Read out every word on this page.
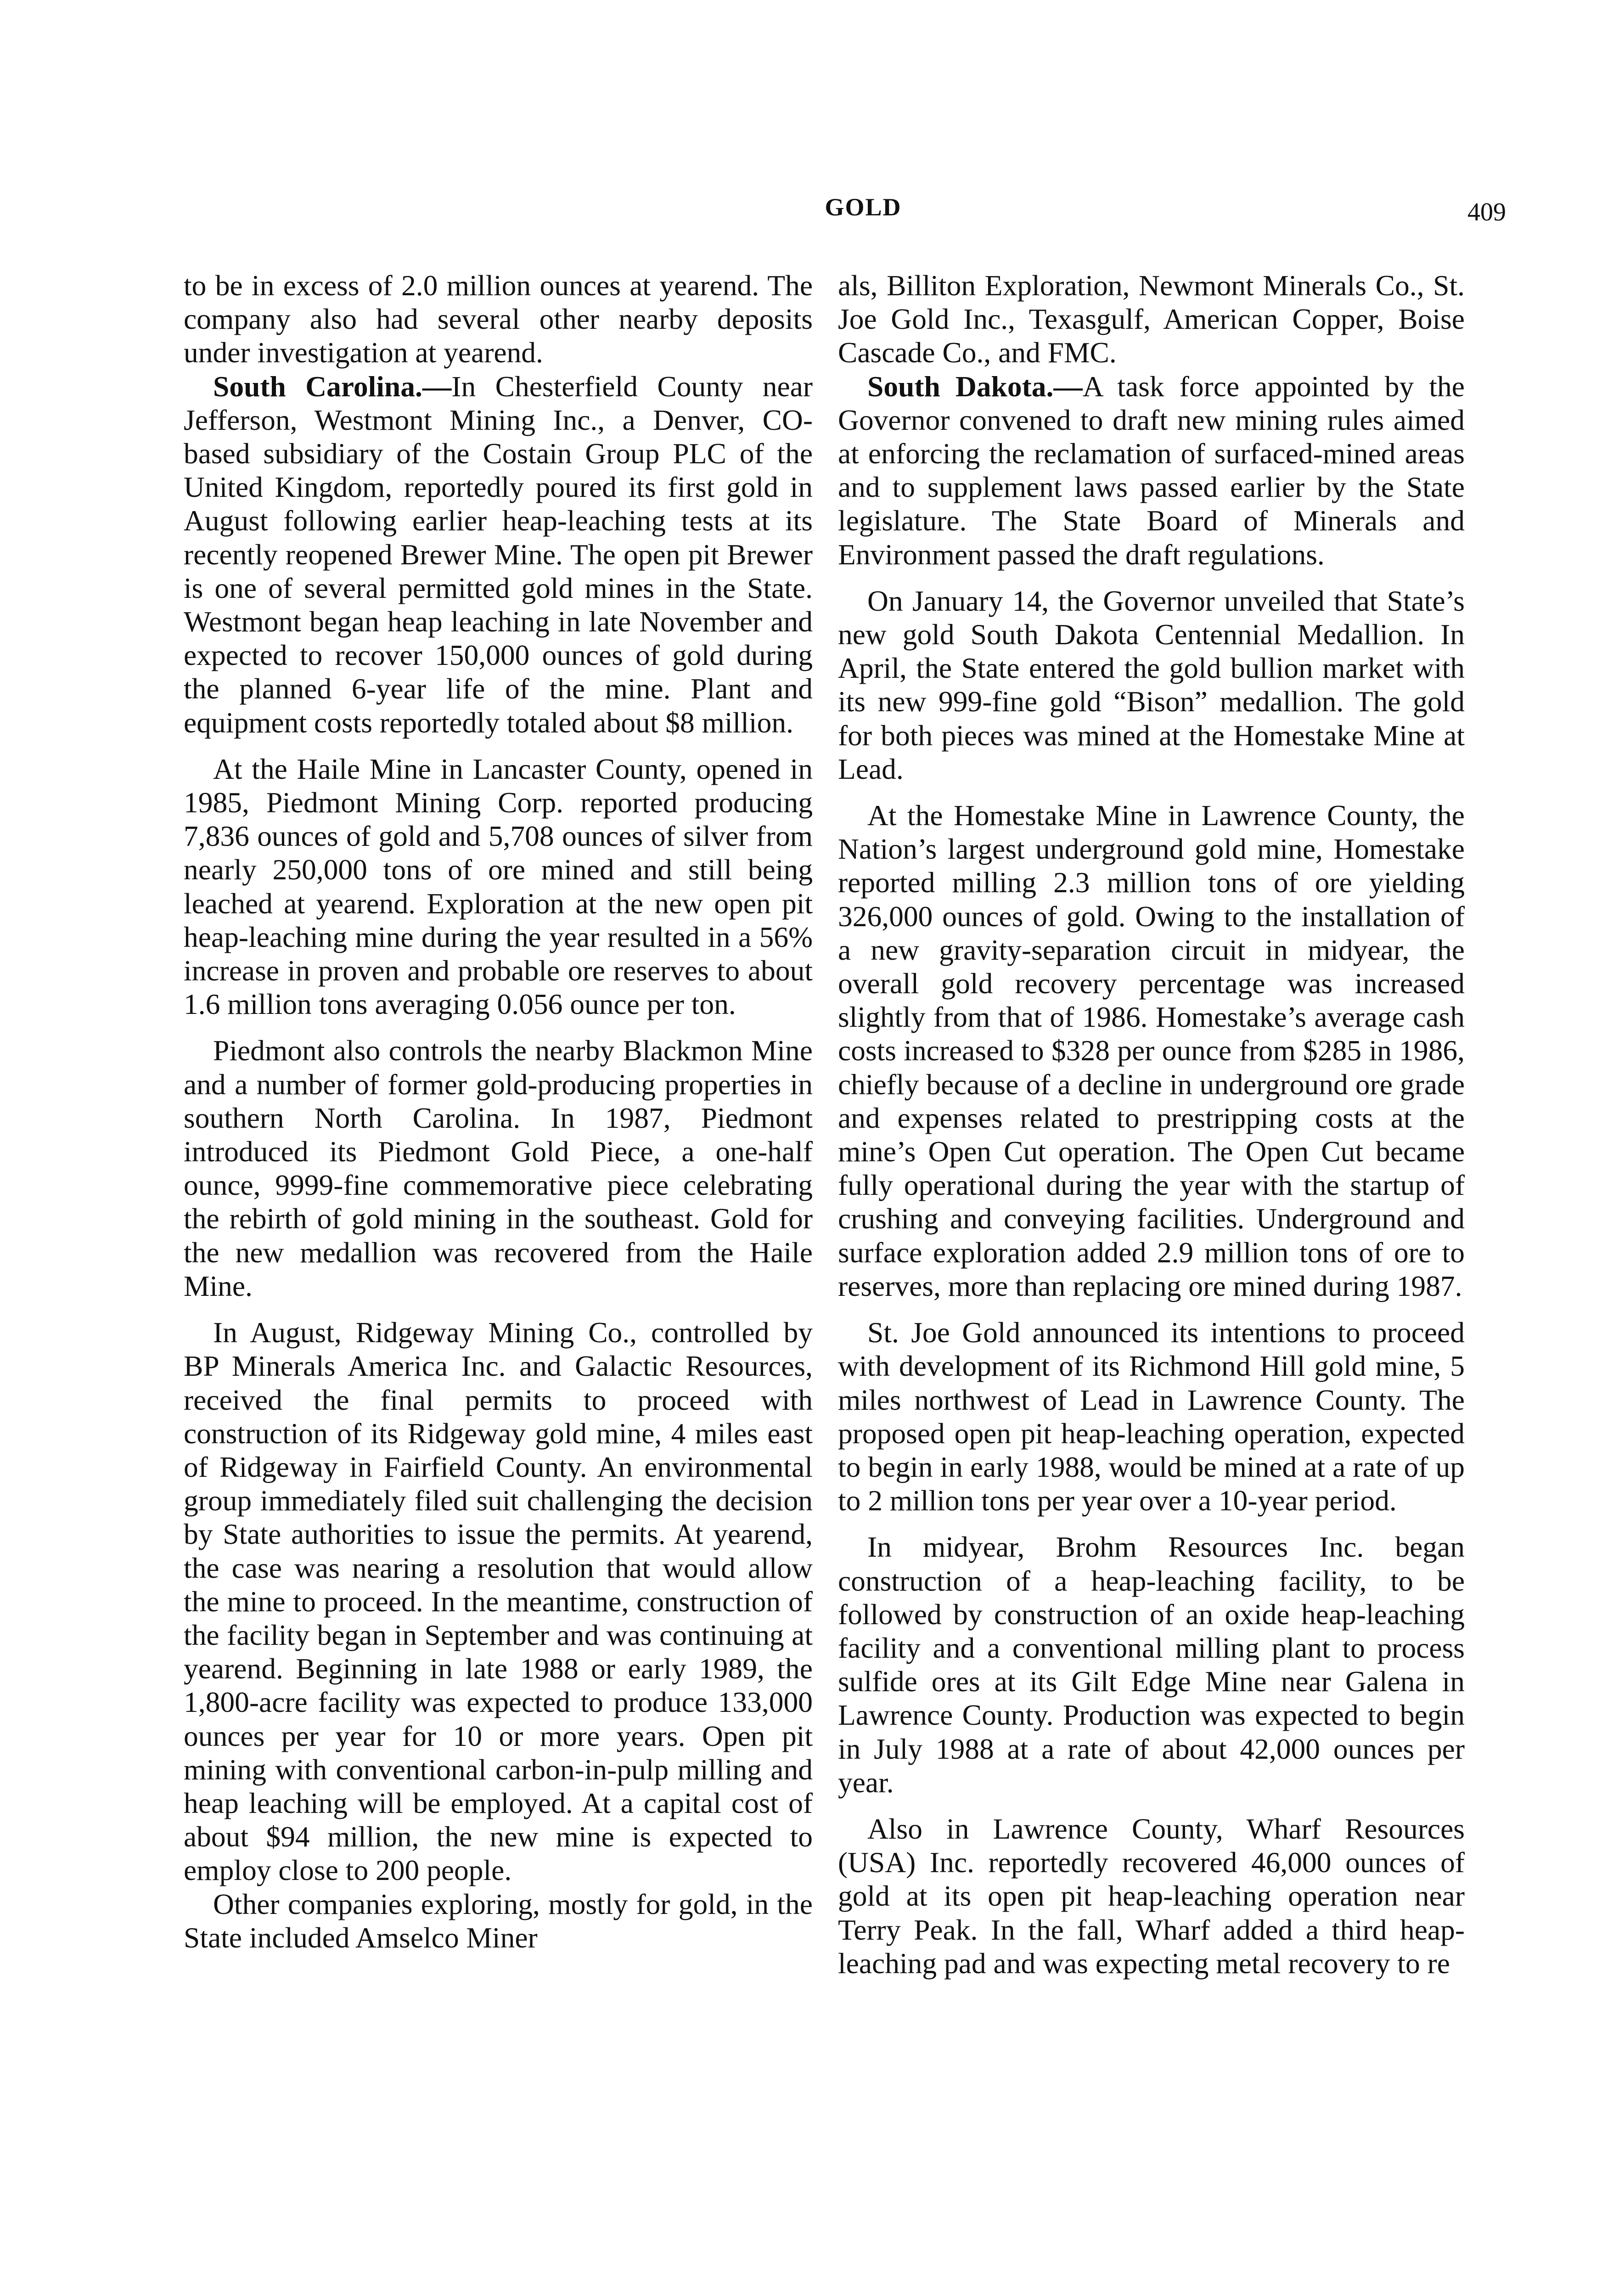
GOLD	409

to be in excess of 2.0 million ounces at yearend. The company also had several other nearby deposits under investigation at yearend.

South Carolina.—In Chesterfield County near Jefferson, Westmont Mining Inc., a Denver, CO-based subsidiary of the Costain Group PLC of the United Kingdom, reportedly poured its first gold in August following earlier heap-leaching tests at its recently reopened Brewer Mine. The open pit Brewer is one of several permitted gold mines in the State. Westmont began heap leaching in late November and expected to recover 150,000 ounces of gold during the planned 6-year life of the mine. Plant and equipment costs reportedly totaled about $8 million.

At the Haile Mine in Lancaster County, opened in 1985, Piedmont Mining Corp. reported producing 7,836 ounces of gold and 5,708 ounces of silver from nearly 250,000 tons of ore mined and still being leached at yearend. Exploration at the new open pit heap-leaching mine during the year resulted in a 56% increase in proven and probable ore reserves to about 1.6 million tons averaging 0.056 ounce per ton.

Piedmont also controls the nearby Blackmon Mine and a number of former gold-producing properties in southern North Carolina. In 1987, Piedmont introduced its Piedmont Gold Piece, a one-half ounce, 9999-fine commemorative piece celebrating the rebirth of gold mining in the southeast. Gold for the new medallion was recovered from the Haile Mine.

In August, Ridgeway Mining Co., controlled by BP Minerals America Inc. and Galactic Resources, received the final permits to proceed with construction of its Ridgeway gold mine, 4 miles east of Ridgeway in Fairfield County. An environmental group immediately filed suit challenging the decision by State authorities to issue the permits. At yearend, the case was nearing a resolution that would allow the mine to proceed. In the meantime, construction of the facility began in September and was continuing at yearend. Beginning in late 1988 or early 1989, the 1,800-acre facility was expected to produce 133,000 ounces per year for 10 or more years. Open pit mining with conventional carbon-in-pulp milling and heap leaching will be employed. At a capital cost of about $94 million, the new mine is expected to employ close to 200 people.

Other companies exploring, mostly for gold, in the State included Amselco Miner

als, Billiton Exploration, Newmont Minerals Co., St. Joe Gold Inc., Texasgulf, American Copper, Boise Cascade Co., and FMC.

South Dakota.—A task force appointed by the Governor convened to draft new mining rules aimed at enforcing the reclamation of surfaced-mined areas and to supplement laws passed earlier by the State legislature. The State Board of Minerals and Environment passed the draft regulations.

On January 14, the Governor unveiled that State’s new gold South Dakota Centennial Medallion. In April, the State entered the gold bullion market with its new 999-fine gold “Bison” medallion. The gold for both pieces was mined at the Homestake Mine at Lead.

At the Homestake Mine in Lawrence County, the Nation’s largest underground gold mine, Homestake reported milling 2.3 million tons of ore yielding 326,000 ounces of gold. Owing to the installation of a new gravity-separation circuit in midyear, the overall gold recovery percentage was increased slightly from that of 1986. Homestake’s average cash costs increased to $328 per ounce from $285 in 1986, chiefly because of a decline in underground ore grade and expenses related to prestripping costs at the mine’s Open Cut operation. The Open Cut became fully operational during the year with the startup of crushing and conveying facilities. Underground and surface exploration added 2.9 million tons of ore to reserves, more than replacing ore mined during 1987.

St. Joe Gold announced its intentions to proceed with development of its Richmond Hill gold mine, 5 miles northwest of Lead in Lawrence County. The proposed open pit heap-leaching operation, expected to begin in early 1988, would be mined at a rate of up to 2 million tons per year over a 10-year period.

In midyear, Brohm Resources Inc. began construction of a heap-leaching facility, to be followed by construction of an oxide heap-leaching facility and a conventional milling plant to process sulfide ores at its Gilt Edge Mine near Galena in Lawrence County. Production was expected to begin in July 1988 at a rate of about 42,000 ounces per year.

Also in Lawrence County, Wharf Resources (USA) Inc. reportedly recovered 46,000 ounces of gold at its open pit heap-leaching operation near Terry Peak. In the fall, Wharf added a third heap-leaching pad and was expecting metal recovery to re
